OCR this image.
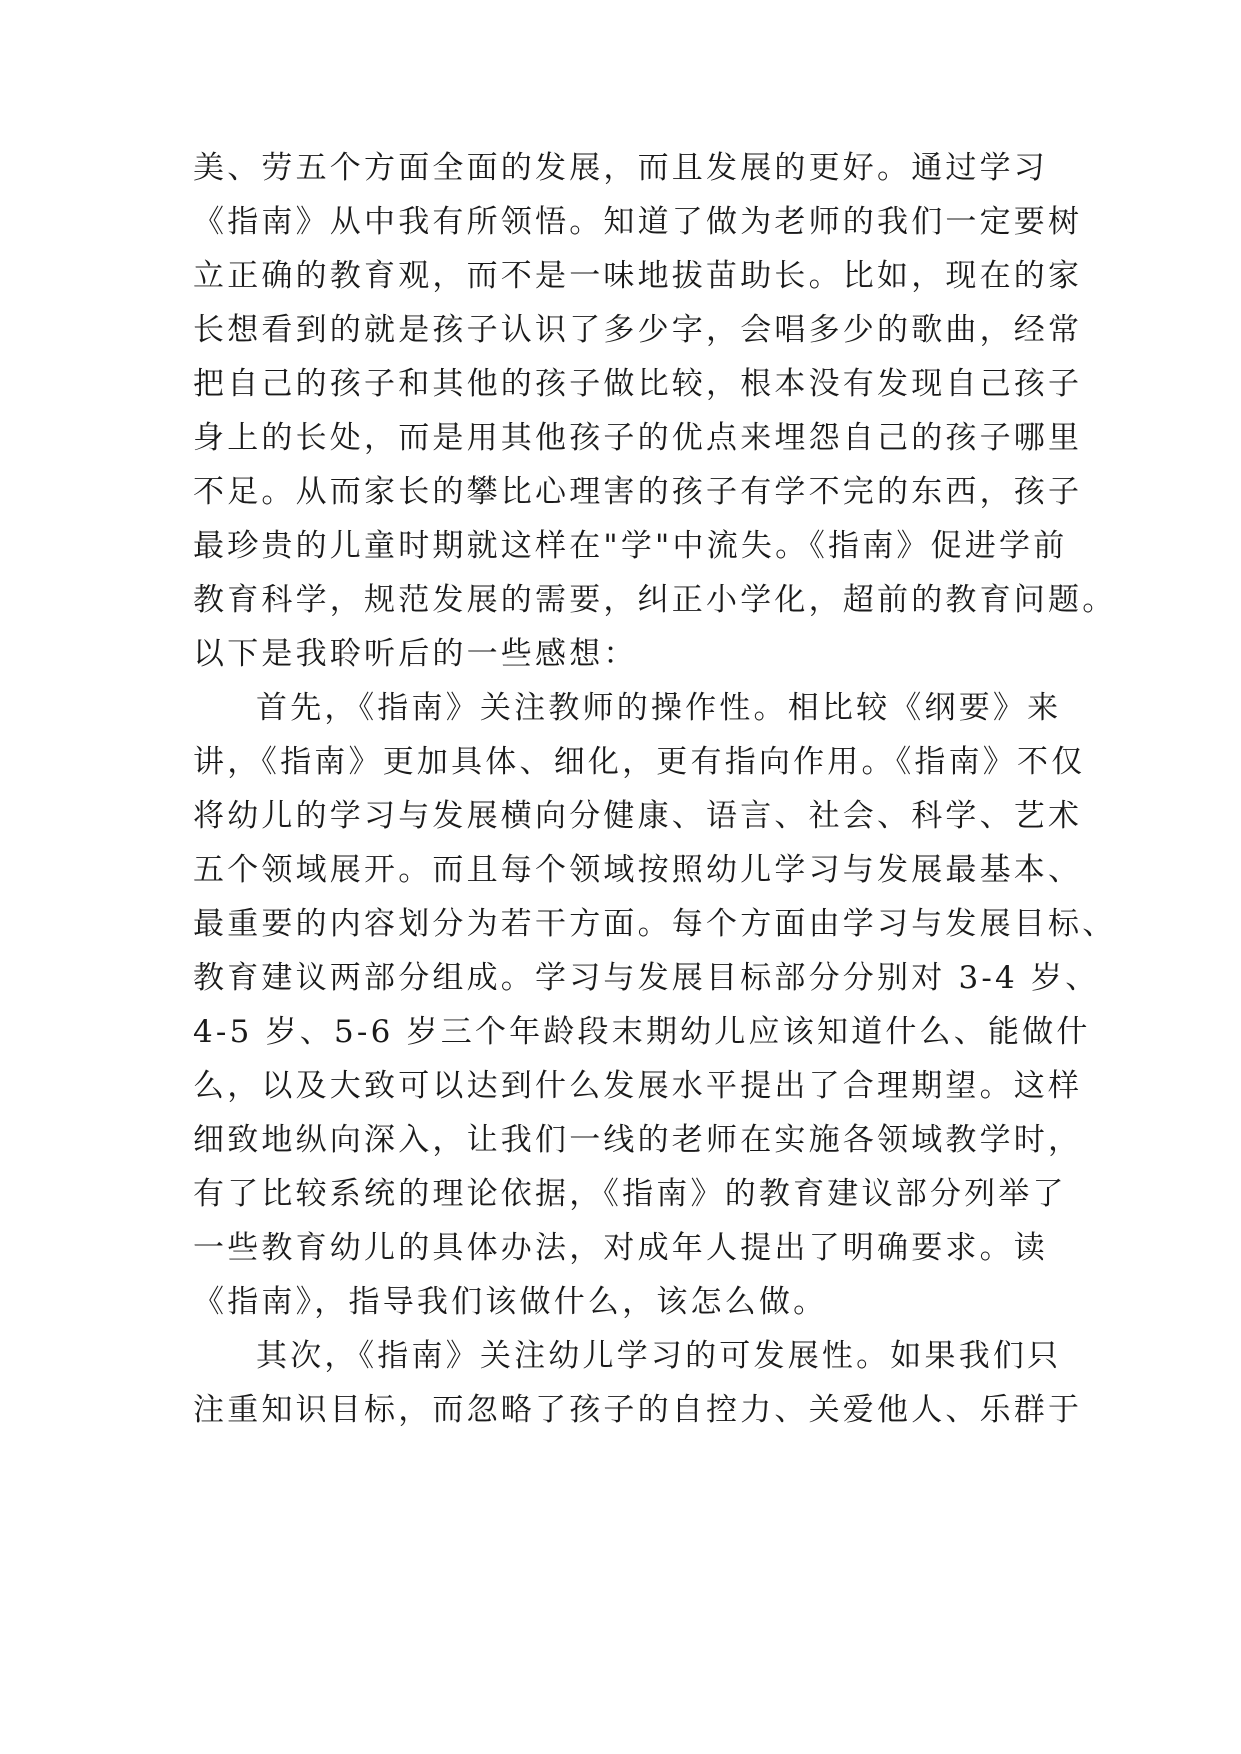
美、劳五个方面全面的发展，而且发展的更好。通过学习
《指南》从中我有所领悟。知道了做为老师的我们一定要树
立正确的教育观，而不是一味地拔苗助长。比如，现在的家
长想看到的就是孩子认识了多少字，会唱多少的歌曲，经常
把自己的孩子和其他的孩子做比较，根本没有发现自己孩子
身上的长处，而是用其他孩子的优点来埋怨自己的孩子哪里
不足。从而家长的攀比心理害的孩子有学不完的东西，孩子
最珍贵的儿童时期就这样在"学"中流失。《指南》促进学前
教育科学，规范发展的需要，纠正小学化，超前的教育问题。
以下是我聆听后的一些感想：
首先，《指南》关注教师的操作性。相比较《纲要》来
讲，《指南》更加具体、细化，更有指向作用。《指南》不仅
将幼儿的学习与发展横向分健康、语言、社会、科学、艺术
五个领域展开。而且每个领域按照幼儿学习与发展最基本、
最重要的内容划分为若干方面。每个方面由学习与发展目标、
教育建议两部分组成。学习与发展目标部分分别对 3-4 岁、
4-5 岁、5-6 岁三个年龄段末期幼儿应该知道什么、能做什
么，以及大致可以达到什么发展水平提出了合理期望。这样
细致地纵向深入，让我们一线的老师在实施各领域教学时，
有了比较系统的理论依据，《指南》的教育建议部分列举了
一些教育幼儿的具体办法，对成年人提出了明确要求。读
《指南》，指导我们该做什么，该怎么做。
其次，《指南》关注幼儿学习的可发展性。如果我们只
注重知识目标，而忽略了孩子的自控力、关爱他人、乐群于
